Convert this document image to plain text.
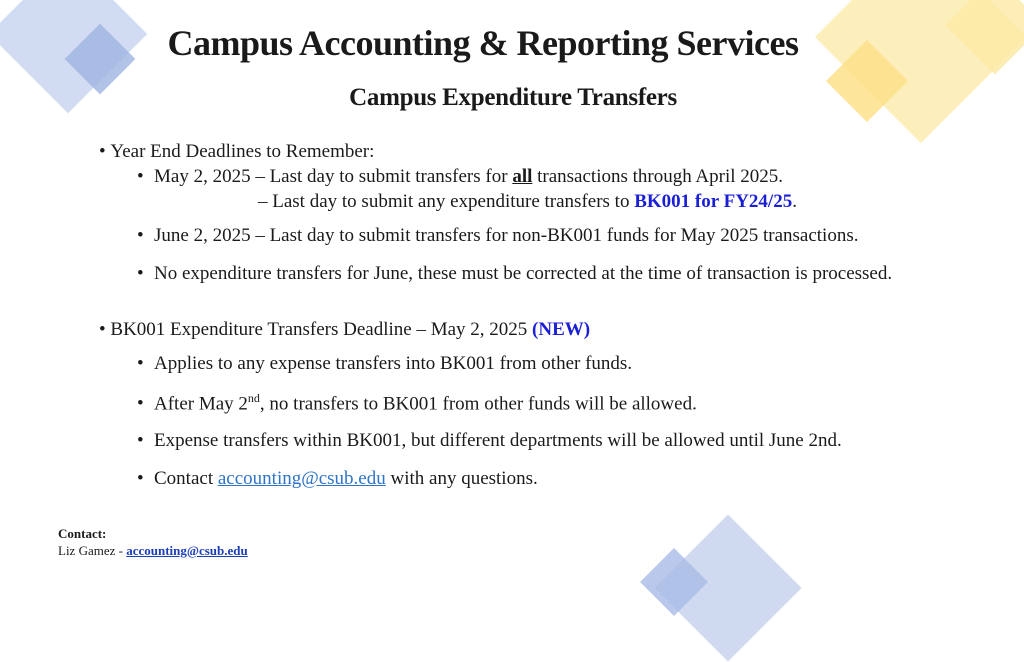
Campus Accounting & Reporting Services
Campus Expenditure Transfers
• Year End Deadlines to Remember:
• May 2, 2025 – Last day to submit transfers for all transactions through April 2025.
– Last day to submit any expenditure transfers to BK001 for FY24/25.
• June 2, 2025 – Last day to submit transfers for non-BK001 funds for May 2025 transactions.
• No expenditure transfers for June, these must be corrected at the time of transaction is processed.
• BK001 Expenditure Transfers Deadline – May 2, 2025 (NEW)
• Applies to any expense transfers into BK001 from other funds.
• After May 2nd, no transfers to BK001 from other funds will be allowed.
• Expense transfers within BK001, but different departments will be allowed until June 2nd.
• Contact accounting@csub.edu with any questions.
Contact:
Liz Gamez - accounting@csub.edu
